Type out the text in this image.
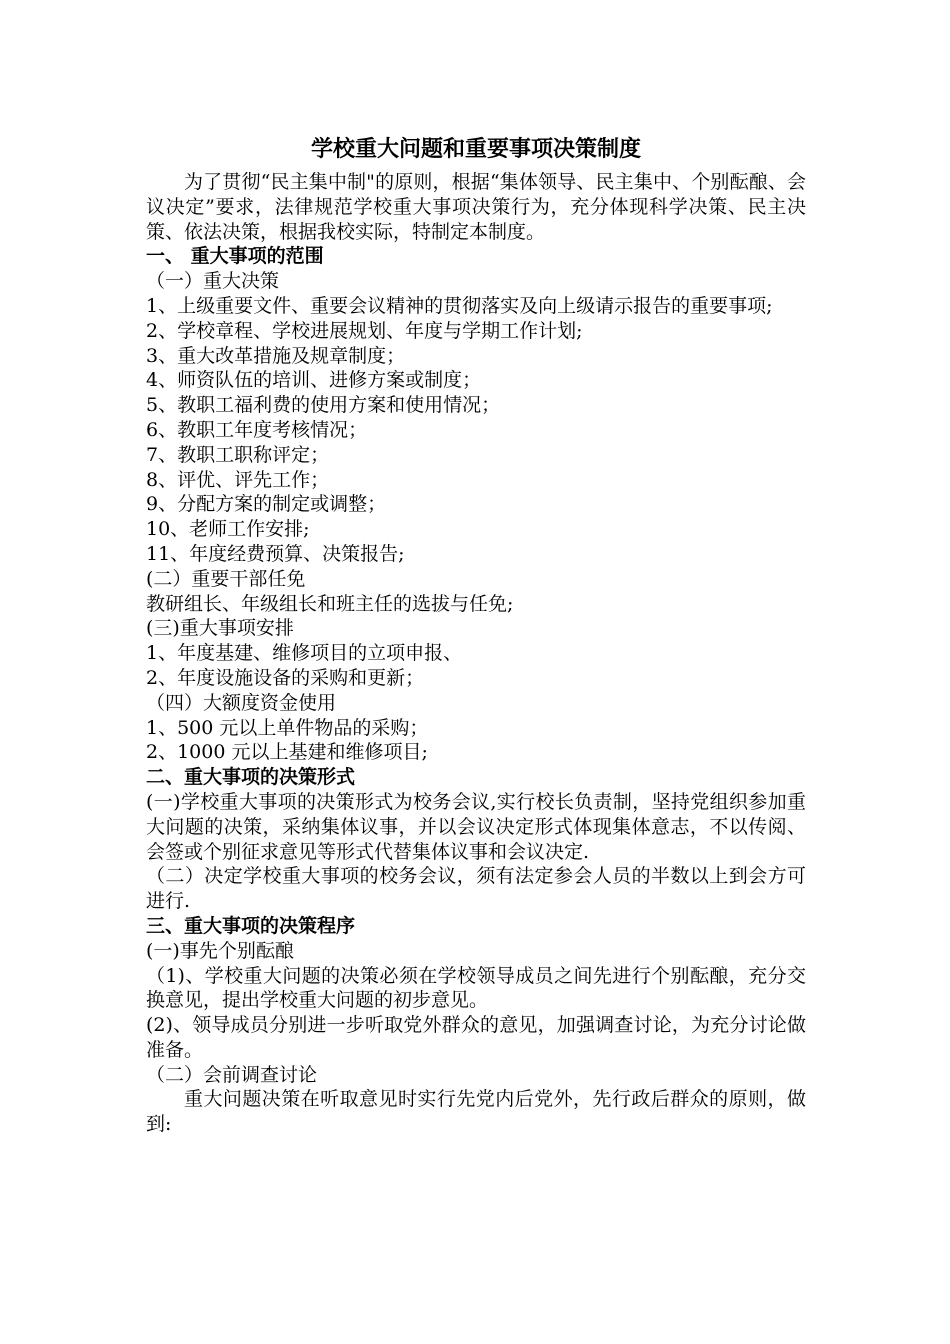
学校重大问题和重要事项决策制度

为了贯彻“民主集中制"的原则，根据“集体领导、民主集中、个别酝酿、会议决定”要求，法律规范学校重大事项决策行为，充分体现科学决策、民主决策、依法决策，根据我校实际，特制定本制度。

一、 重大事项的范围

（一）重大决策

1、上级重要文件、重要会议精神的贯彻落实及向上级请示报告的重要事项;

2、学校章程、学校进展规划、年度与学期工作计划;

3、重大改革措施及规章制度；

4、师资队伍的培训、进修方案或制度；

5、教职工福利费的使用方案和使用情况；

6、教职工年度考核情况；

7、教职工职称评定；

8、评优、评先工作；

9、分配方案的制定或调整；

10、老师工作安排;

11、年度经费预算、决策报告;

(二）重要干部任免

教研组长、年级组长和班主任的选拔与任免;

(三)重大事项安排

1、年度基建、维修项目的立项申报、

2、年度设施设备的采购和更新；

（四）大额度资金使用

1、500 元以上单件物品的采购；

2、1000 元以上基建和维修项目;

二、重大事项的决策形式

(一)学校重大事项的决策形式为校务会议,实行校长负责制，坚持党组织参加重大问题的决策，采纳集体议事，并以会议决定形式体现集体意志，不以传阅、会签或个别征求意见等形式代替集体议事和会议决定.

（二）决定学校重大事项的校务会议，须有法定参会人员的半数以上到会方可进行.

三、重大事项的决策程序

(一)事先个别酝酿

（1)、学校重大问题的决策必须在学校领导成员之间先进行个别酝酿，充分交换意见，提出学校重大问题的初步意见。

(2)、领导成员分别进一步听取党外群众的意见，加强调查讨论，为充分讨论做准备。

（二）会前调查讨论

重大问题决策在听取意见时实行先党内后党外，先行政后群众的原则，做到:
